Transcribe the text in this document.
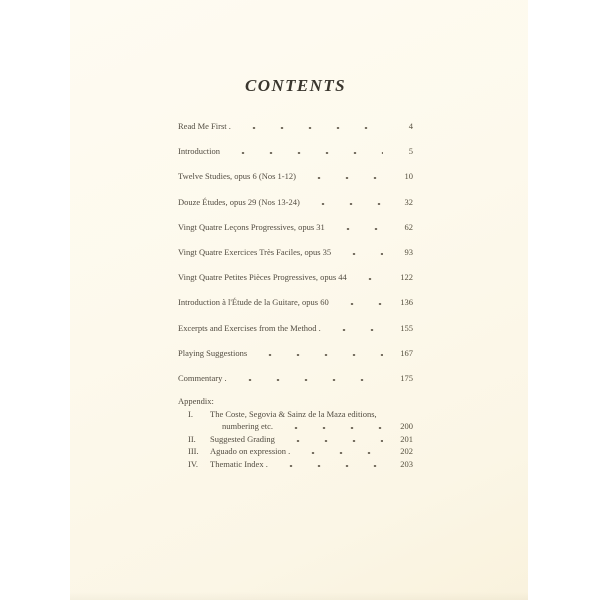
CONTENTS
Read Me First .	4
Introduction	5
Twelve Studies, opus 6 (Nos 1-12)	10
Douze Études, opus 29 (Nos 13-24)	32
Vingt Quatre Leçons Progressives, opus 31	62
Vingt Quatre Exercices Très Faciles, opus 35	93
Vingt Quatre Petites Pièces Progressives, opus 44	122
Introduction à l'Étude de la Guitare, opus 60	136
Excerpts and Exercises from the Method .	155
Playing Suggestions	167
Commentary .	175
Appendix:
I.	The Coste, Segovia & Sainz de la Maza editions,
numbering etc.	200
II.	Suggested Grading	201
III.	Aguado on expression .	202
IV.	Thematic Index .	203
